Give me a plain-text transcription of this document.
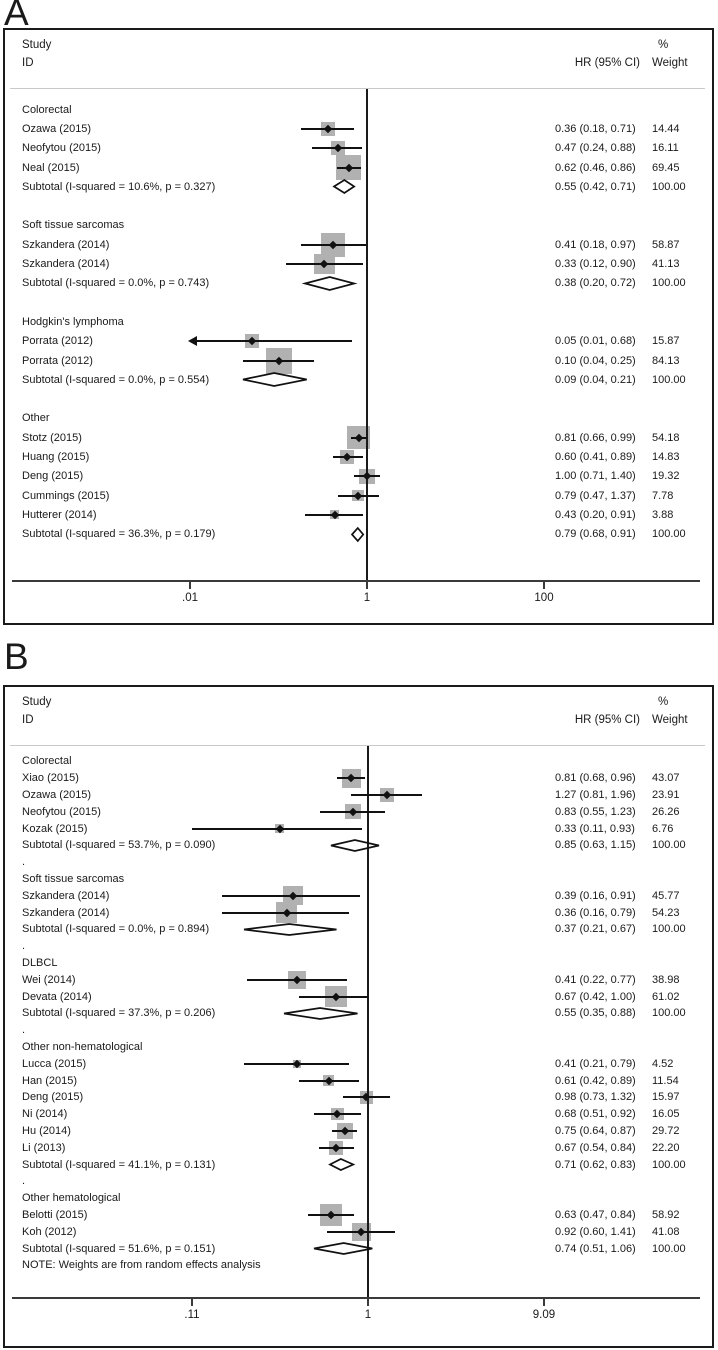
A
Study
ID
%
HR (95% CI) Weight
Colorectal
Ozawa (2015)	0.36 (0.18, 0.71) 14.44
Neofytou (2015)	0.47 (0.24, 0.88) 16.11
Neal (2015)	0.62 (0.46, 0.86) 69.45
Subtotal (I-squared = 10.6%, p = 0.327)	0.55 (0.42, 0.71) 100.00
Soft tissue sarcomas
Szkandera (2014)	0.41 (0.18, 0.97) 58.87
Szkandera (2014)	0.33 (0.12, 0.90) 41.13
Subtotal (I-squared = 0.0%, p = 0.743)	0.38 (0.20, 0.72) 100.00
Hodgkin's lymphoma
Porrata (2012)	0.05 (0.01, 0.68) 15.87
Porrata (2012)	0.10 (0.04, 0.25) 84.13
Subtotal (I-squared = 0.0%, p = 0.554)	0.09 (0.04, 0.21) 100.00
Other
Stotz (2015)	0.81 (0.66, 0.99) 54.18
Huang (2015)	0.60 (0.41, 0.89) 14.83
Deng (2015)	1.00 (0.71, 1.40) 19.32
Cummings (2015)	0.79 (0.47, 1.37) 7.78
Hutterer (2014)	0.43 (0.20, 0.91) 3.88
Subtotal (I-squared = 36.3%, p = 0.179)	0.79 (0.68, 0.91) 100.00
.01	1	100
B
Study
ID
%
HR (95% CI) Weight
Colorectal
Xiao (2015)	0.81 (0.68, 0.96) 43.07
Ozawa (2015)	1.27 (0.81, 1.96) 23.91
Neofytou (2015)	0.83 (0.55, 1.23) 26.26
Kozak (2015)	0.33 (0.11, 0.93) 6.76
Subtotal (I-squared = 53.7%, p = 0.090)	0.85 (0.63, 1.15) 100.00
.
Soft tissue sarcomas
Szkandera (2014)	0.39 (0.16, 0.91) 45.77
Szkandera (2014)	0.36 (0.16, 0.79) 54.23
Subtotal (I-squared = 0.0%, p = 0.894)	0.37 (0.21, 0.67) 100.00
.
DLBCL
Wei (2014)	0.41 (0.22, 0.77) 38.98
Devata (2014)	0.67 (0.42, 1.00) 61.02
Subtotal (I-squared = 37.3%, p = 0.206)	0.55 (0.35, 0.88) 100.00
.
Other non-hematological
Lucca (2015)	0.41 (0.21, 0.79) 4.52
Han (2015)	0.61 (0.42, 0.89) 11.54
Deng (2015)	0.98 (0.73, 1.32) 15.97
Ni (2014)	0.68 (0.51, 0.92) 16.05
Hu (2014)	0.75 (0.64, 0.87) 29.72
Li (2013)	0.67 (0.54, 0.84) 22.20
Subtotal (I-squared = 41.1%, p = 0.131)	0.71 (0.62, 0.83) 100.00
.
Other hematological
Belotti (2015)	0.63 (0.47, 0.84) 58.92
Koh (2012)	0.92 (0.60, 1.41) 41.08
Subtotal (I-squared = 51.6%, p = 0.151)	0.74 (0.51, 1.06) 100.00
NOTE: Weights are from random effects analysis
.11	1	9.09
